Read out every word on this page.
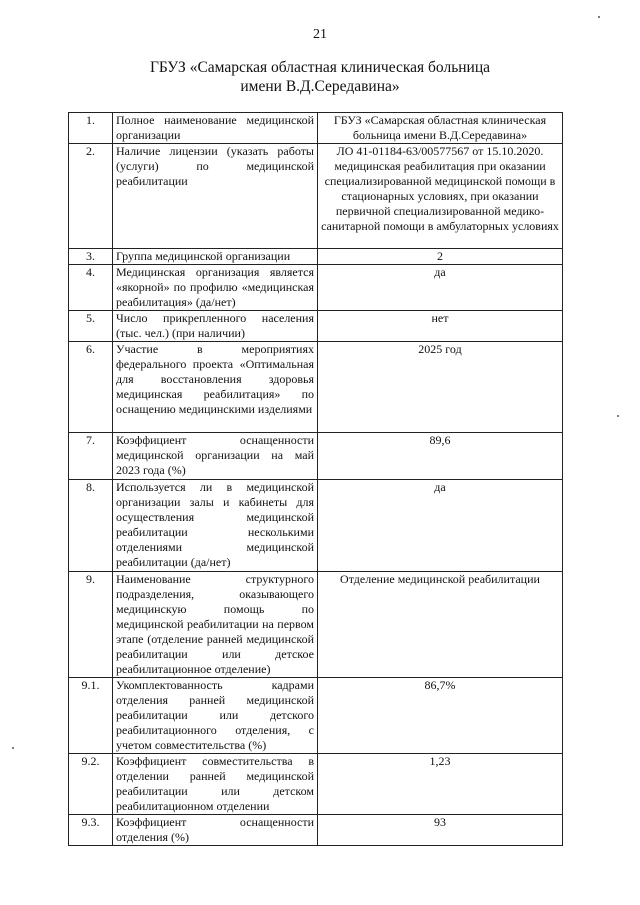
21
ГБУЗ «Самарская областная клиническая больница
имени В.Д.Середавина»
1.	Полное наименование медицинской организации	ГБУЗ «Самарская областная клиническая больница имени В.Д.Середавина»
2.	Наличие лицензии (указать работы (услуги) по медицинской реабилитации	ЛО 41-01184-63/00577567 от 15.10.2020. медицинская реабилитация при оказании специализированной медицинской помощи в стационарных условиях, при оказании первичной специализированной медико-санитарной помощи в амбулаторных условиях
3.	Группа медицинской организации	2
4.	Медицинская организация является «якорной» по профилю «медицинская реабилитация» (да/нет)	да
5.	Число прикрепленного населения (тыс. чел.) (при наличии)	нет
6.	Участие в мероприятиях федерального проекта «Оптимальная для восстановления здоровья медицинская реабилитация» по оснащению медицинскими изделиями	2025 год
7.	Коэффициент оснащенности медицинской организации на май 2023 года (%)	89,6
8.	Используется ли в медицинской организации залы и кабинеты для осуществления медицинской реабилитации несколькими отделениями медицинской реабилитации (да/нет)	да
9.	Наименование структурного подразделения, оказывающего медицинскую помощь по медицинской реабилитации на первом этапе (отделение ранней медицинской реабилитации или детское реабилитационное отделение)	Отделение медицинской реабилитации
9.1.	Укомплектованность кадрами отделения ранней медицинской реабилитации или детского реабилитационного отделения, с учетом совместительства (%)	86,7%
9.2.	Коэффициент совместительства в отделении ранней медицинской реабилитации или детском реабилитационном отделении	1,23
9.3.	Коэффициент оснащенности отделения (%)	93
